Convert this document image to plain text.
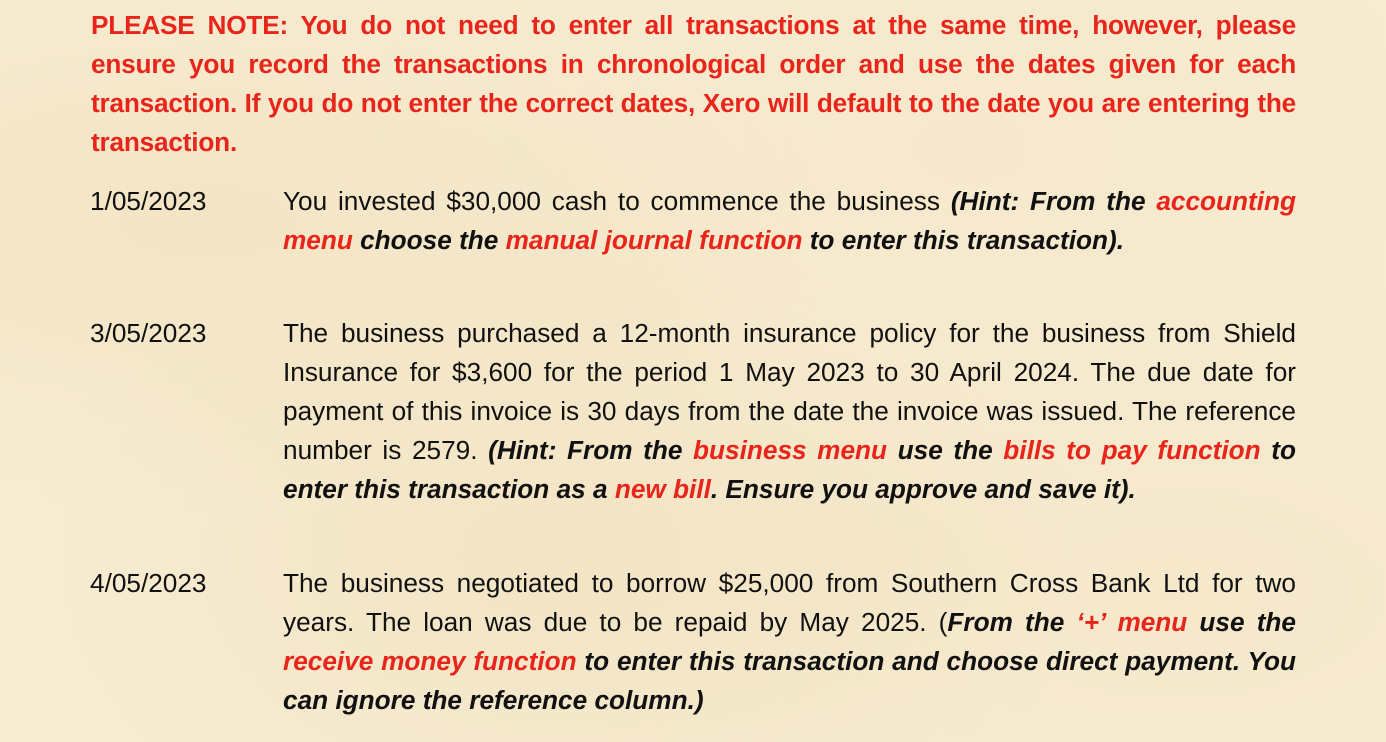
PLEASE NOTE: You do not need to enter all transactions at the same time, however, please ensure you record the transactions in chronological order and use the dates given for each transaction. If you do not enter the correct dates, Xero will default to the date you are entering the transaction.
1/05/2023	You invested $30,000 cash to commence the business (Hint: From the accounting menu choose the manual journal function to enter this transaction).
3/05/2023	The business purchased a 12-month insurance policy for the business from Shield Insurance for $3,600 for the period 1 May 2023 to 30 April 2024. The due date for payment of this invoice is 30 days from the date the invoice was issued. The reference number is 2579. (Hint: From the business menu use the bills to pay function to enter this transaction as a new bill. Ensure you approve and save it).
4/05/2023	The business negotiated to borrow $25,000 from Southern Cross Bank Ltd for two years. The loan was due to be repaid by May 2025. (From the ‘+’ menu use the receive money function to enter this transaction and choose direct payment. You can ignore the reference column.)
